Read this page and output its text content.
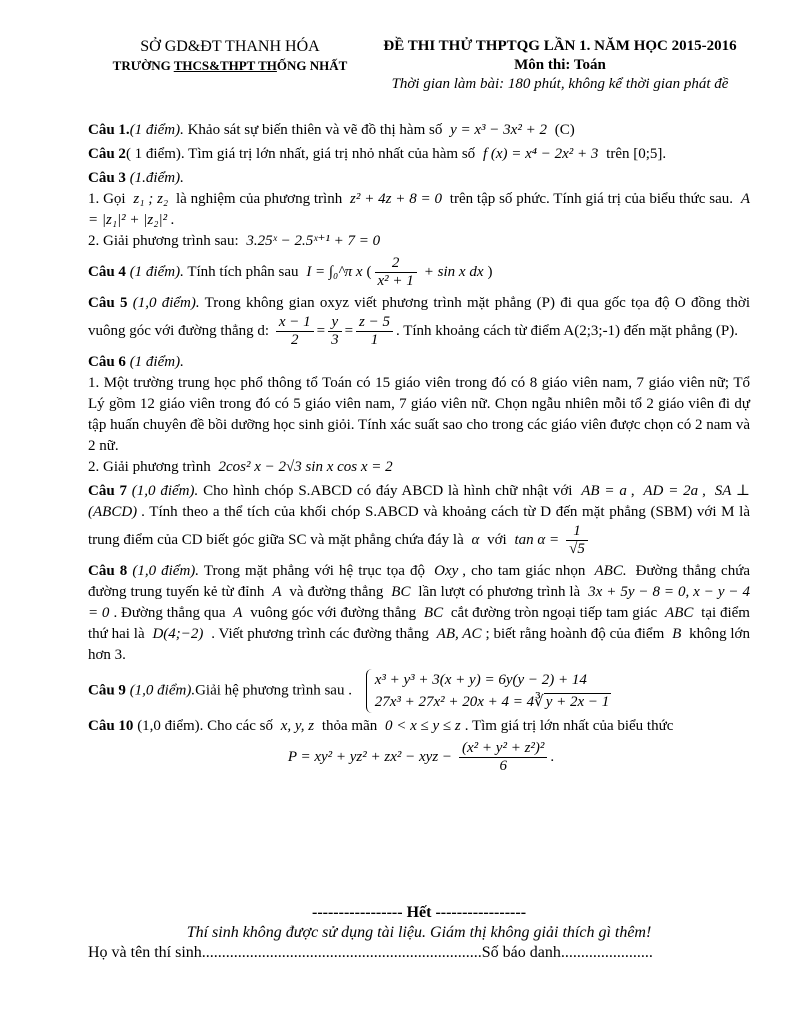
SỞ GD&ĐT THANH HÓA
TRƯỜNG THCS&THPT THỐNG NHẤT
ĐỀ THI THỬ THPTQG LẦN 1. NĂM HỌC 2015-2016
Môn thi: Toán
Thời gian làm bài: 180 phút, không kể thời gian phát đề

Câu 1.(1 điểm). Khảo sát sự biến thiên và vẽ đồ thị hàm số y = x³ − 3x² + 2 (C)

Câu 2( 1 điểm). Tìm giá trị lớn nhất, giá trị nhỏ nhất của hàm số f (x) = x⁴ − 2x² + 3 trên [0;5].

Câu 3 (1.điểm).
1. Gọi z₁ ; z₂ là nghiệm của phương trình z² + 4z + 8 = 0 trên tập số phức. Tính giá trị của biểu thức sau. A = |z₁|² + |z₂|² .
2. Giải phương trình sau: 3.25ˣ − 2.5ˣ⁺¹ + 7 = 0

Câu 4 (1 điểm). Tính tích phân sau I = ∫₀^π x ( $\frac{2}{\text{x² + 1}} + \sin x$ dx )

Câu 5 (1,0 điểm). Trong không gian oxyz viết phương trình mặt phẳng (P) đi qua gốc tọa độ O đồng thời vuông góc với đường thẳng d: $\frac{x - 1}{2} = \frac{y}{3} = \frac{z - 5}{1}$ . Tính khoảng cách từ điểm A(2;3;-1) đến mặt phẳng (P).

Câu 6 (1 điểm).
1. Một trường trung học phổ thông tổ Toán có 15 giáo viên trong đó có 8 giáo viên nam, 7 giáo viên nữ; Tổ Lý gồm 12 giáo viên trong đó có 5 giáo viên nam, 7 giáo viên nữ. Chọn ngẫu nhiên mỗi tổ 2 giáo viên đi dự tập huấn chuyên đề bồi dưỡng học sinh giỏi. Tính xác suất sao cho trong các giáo viên được chọn có 2 nam và 2 nữ.
2. Giải phương trình 2cos² x − 2√3 sin x cos x = 2

Câu 7 (1,0 điểm). Cho hình chóp S.ABCD có đáy ABCD là hình chữ nhật với AB = a , AD = 2a , SA ⊥ (ABCD) . Tính theo a thể tích của khối chóp S.ABCD và khoảng cách từ D đến mặt phẳng (SBM) với M là trung điểm của CD biết góc giữa SC và mặt phẳng chứa đáy là α với $\tan \alpha = \frac{1}{√5}$

Câu 8 (1,0 điểm). Trong mặt phẳng với hệ trục tọa độ Oxy , cho tam giác nhọn ABC. Đường thẳng chứa đường trung tuyến kẻ từ đỉnh A và đường thẳng BC lần lượt có phương trình là 3x + 5y − 8 = 0, x − y − 4 = 0 . Đường thẳng qua A vuông góc với đường thẳng BC cắt đường tròn ngoại tiếp tam giác ABC tại điểm thứ hai là D(4;−2) . Viết phương trình các đường thẳng AB, AC ; biết rằng hoành độ của điểm B không lớn hơn 3.

Câu 9 (1,0 điểm).Giải hệ phương trình sau . x³ + y³ + 3(x + y) = 6y(y − 2) + 14
27x³ + 27x² + 20x + 4 = 4∛ y + 2x − 1

Câu 10 (1,0 điểm). Cho các số x, y, z thỏa mãn 0 < x ≤ y ≤ z . Tìm giá trị lớn nhất của biểu thức

P = xy² + yz² + zx² − xyz − $\frac{\text{(x² + y² + z²)²}}{6}$ .

----------------- Hết -----------------
Thí sinh không được sử dụng tài liệu. Giám thị không giải thích gì thêm!
Họ và tên thí sinh......................................................................Số báo danh.......................
